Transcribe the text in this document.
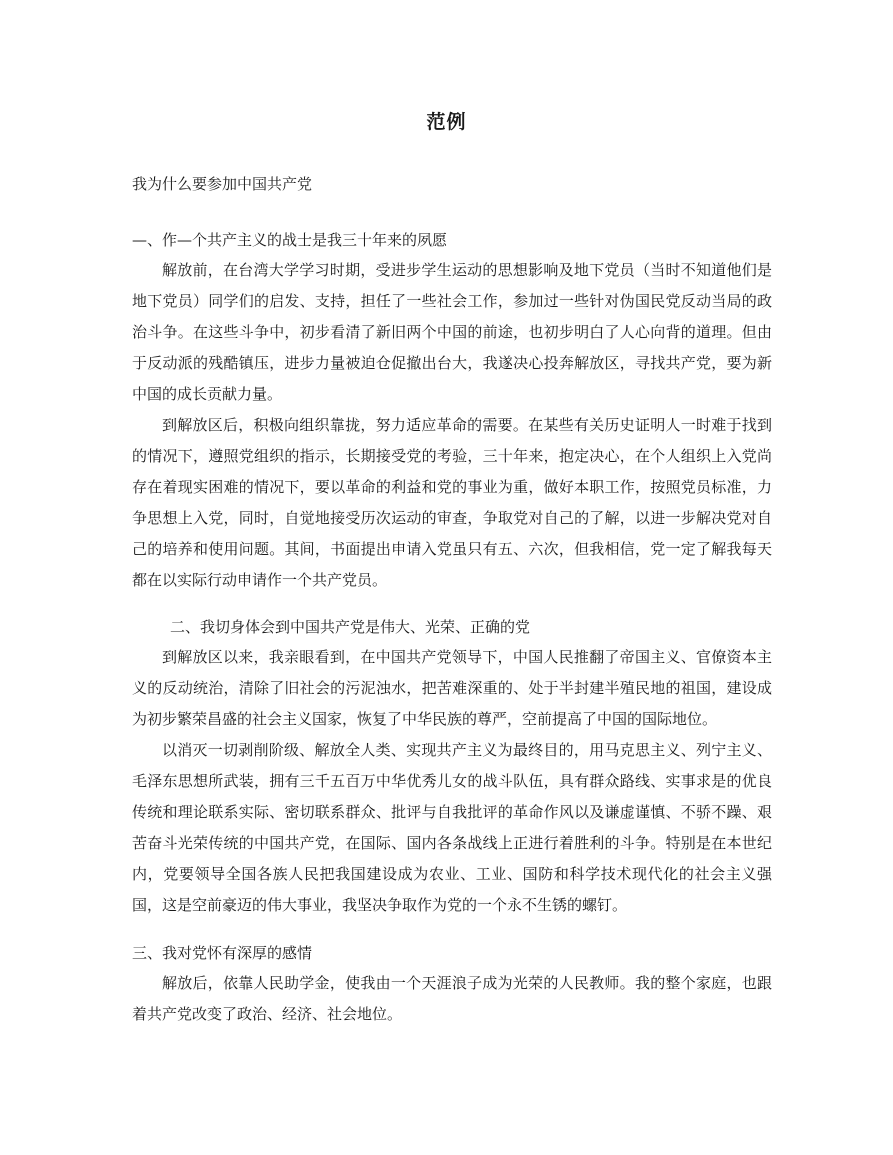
范例
我为什么要参加中国共产党
—、作—个共产主义的战士是我三十年来的夙愿

解放前，在台湾大学学习时期，受进步学生运动的思想影响及地下党员（当时不知道他们是地下党员）同学们的启发、支持，担任了一些社会工作，参加过一些针对伪国民党反动当局的政治斗争。在这些斗争中，初步看清了新旧两个中国的前途，也初步明白了人心向背的道理。但由于反动派的残酷镇压，进步力量被迫仓促撤出台大，我遂决心投奔解放区，寻找共产党，要为新中国的成长贡献力量。

到解放区后，积极向组织靠拢，努力适应革命的需要。在某些有关历史证明人一时难于找到的情况下，遵照党组织的指示，长期接受党的考验，三十年来，抱定决心，在个人组织上入党尚存在着现实困难的情况下，要以革命的利益和党的事业为重，做好本职工作，按照党员标准，力争思想上入党，同时，自觉地接受历次运动的审查，争取党对自己的了解，以进一步解决党对自己的培养和使用问题。其间，书面提出申请入党虽只有五、六次，但我相信，党一定了解我每天都在以实际行动申请作一个共产党员。

二、我切身体会到中国共产党是伟大、光荣、正确的党

到解放区以来，我亲眼看到，在中国共产党领导下，中国人民推翻了帝国主义、官僚资本主义的反动统治，清除了旧社会的污泥浊水，把苦难深重的、处于半封建半殖民地的祖国，建设成为初步繁荣昌盛的社会主义国家，恢复了中华民族的尊严，空前提高了中国的国际地位。

以消灭一切剥削阶级、解放全人类、实现共产主义为最终目的，用马克思主义、列宁主义、毛泽东思想所武装，拥有三千五百万中华优秀儿女的战斗队伍，具有群众路线、实事求是的优良传统和理论联系实际、密切联系群众、批评与自我批评的革命作风以及谦虚谨慎、不骄不躁、艰苦奋斗光荣传统的中国共产党，在国际、国内各条战线上正进行着胜利的斗争。特别是在本世纪内，党要领导全国各族人民把我国建设成为农业、工业、国防和科学技术现代化的社会主义强国，这是空前豪迈的伟大事业，我坚决争取作为党的一个永不生锈的螺钉。

三、我对党怀有深厚的感情

解放后，依靠人民助学金，使我由一个天涯浪子成为光荣的人民教师。我的整个家庭，也跟着共产党改变了政治、经济、社会地位。
